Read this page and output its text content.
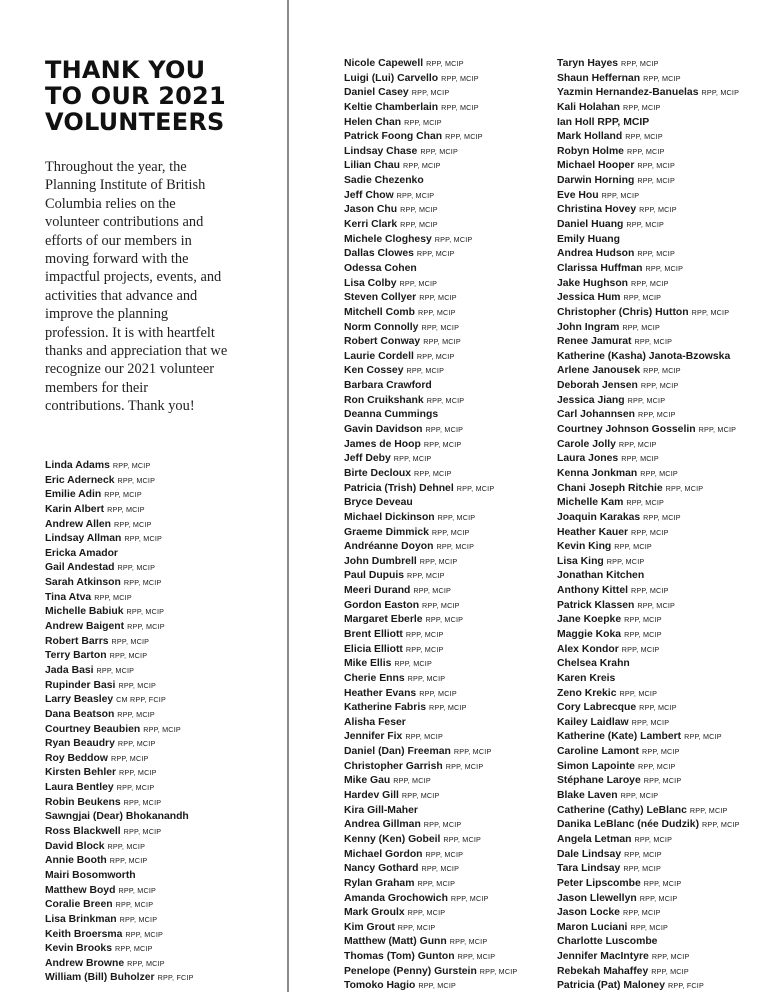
THANK YOU
TO OUR 2021
VOLUNTEERS

Throughout the year, the Planning Institute of British Columbia relies on the volunteer contributions and efforts of our members in moving forward with the impactful projects, events, and activities that advance and improve the planning profession. It is with heartfelt thanks and appreciation that we recognize our 2021 volunteer members for their contributions. Thank you!

Linda Adams RPP, MCIP
Eric Aderneck RPP, MCIP
Emilie Adin RPP, MCIP
Karin Albert RPP, MCIP
Andrew Allen RPP, MCIP
Lindsay Allman RPP, MCIP
Ericka Amador
Gail Andestad RPP, MCIP
Sarah Atkinson RPP, MCIP
Tina Atva RPP, MCIP
Michelle Babiuk RPP, MCIP
Andrew Baigent RPP, MCIP
Robert Barrs RPP, MCIP
Terry Barton RPP, MCIP
Jada Basi RPP, MCIP
Rupinder Basi RPP, MCIP
Larry Beasley CM RPP, FCIP
Dana Beatson RPP, MCIP
Courtney Beaubien RPP, MCIP
Ryan Beaudry RPP, MCIP
Roy Beddow RPP, MCIP
Kirsten Behler RPP, MCIP
Laura Bentley RPP, MCIP
Robin Beukens RPP, MCIP
Sawngjai (Dear) Bhokanandh
Ross Blackwell RPP, MCIP
David Block RPP, MCIP
Annie Booth RPP, MCIP
Mairi Bosomworth
Matthew Boyd RPP, MCIP
Coralie Breen RPP, MCIP
Lisa Brinkman RPP, MCIP
Keith Broersma RPP, MCIP
Kevin Brooks RPP, MCIP
Andrew Browne RPP, MCIP
William (Bill) Buholzer RPP, FCIP
Nicole Capewell RPP, MCIP
Luigi (Lui) Carvello RPP, MCIP
Daniel Casey RPP, MCIP
Keltie Chamberlain RPP, MCIP
Helen Chan RPP, MCIP
Patrick Foong Chan RPP, MCIP
Lindsay Chase RPP, MCIP
Lilian Chau RPP, MCIP
Sadie Chezenko
Jeff Chow RPP, MCIP
Jason Chu RPP, MCIP
Kerri Clark RPP, MCIP
Michele Cloghesy RPP, MCIP
Dallas Clowes RPP, MCIP
Odessa Cohen
Lisa Colby RPP, MCIP
Steven Collyer RPP, MCIP
Mitchell Comb RPP, MCIP
Norm Connolly RPP, MCIP
Robert Conway RPP, MCIP
Laurie Cordell RPP, MCIP
Ken Cossey RPP, MCIP
Barbara Crawford
Ron Cruikshank RPP, MCIP
Deanna Cummings
Gavin Davidson RPP, MCIP
James de Hoop RPP, MCIP
Jeff Deby RPP, MCIP
Birte Decloux RPP, MCIP
Patricia (Trish) Dehnel RPP, MCIP
Bryce Deveau
Michael Dickinson RPP, MCIP
Graeme Dimmick RPP, MCIP
Andréanne Doyon RPP, MCIP
John Dumbrell RPP, MCIP
Paul Dupuis RPP, MCIP
Meeri Durand RPP, MCIP
Gordon Easton RPP, MCIP
Margaret Eberle RPP, MCIP
Brent Elliott RPP, MCIP
Elicia Elliott RPP, MCIP
Mike Ellis RPP, MCIP
Cherie Enns RPP, MCIP
Heather Evans RPP, MCIP
Katherine Fabris RPP, MCIP
Alisha Feser
Jennifer Fix RPP, MCIP
Daniel (Dan) Freeman RPP, MCIP
Christopher Garrish RPP, MCIP
Mike Gau RPP, MCIP
Hardev Gill RPP, MCIP
Kira Gill-Maher
Andrea Gillman RPP, MCIP
Kenny (Ken) Gobeil RPP, MCIP
Michael Gordon RPP, MCIP
Nancy Gothard RPP, MCIP
Rylan Graham RPP, MCIP
Amanda Grochowich RPP, MCIP
Mark Groulx RPP, MCIP
Kim Grout RPP, MCIP
Matthew (Matt) Gunn RPP, MCIP
Thomas (Tom) Gunton RPP, MCIP
Penelope (Penny) Gurstein RPP, MCIP
Tomoko Hagio RPP, MCIP
Taryn Hayes RPP, MCIP
Shaun Heffernan RPP, MCIP
Yazmin Hernandez-Banuelas RPP, MCIP
Kali Holahan RPP, MCIP
Ian Holl RPP, MCIP
Mark Holland RPP, MCIP
Robyn Holme RPP, MCIP
Michael Hooper RPP, MCIP
Darwin Horning RPP, MCIP
Eve Hou RPP, MCIP
Christina Hovey RPP, MCIP
Daniel Huang RPP, MCIP
Emily Huang
Andrea Hudson RPP, MCIP
Clarissa Huffman RPP, MCIP
Jake Hughson RPP, MCIP
Jessica Hum RPP, MCIP
Christopher (Chris) Hutton RPP, MCIP
John Ingram RPP, MCIP
Renee Jamurat RPP, MCIP
Katherine (Kasha) Janota-Bzowska
Arlene Janousek RPP, MCIP
Deborah Jensen RPP, MCIP
Jessica Jiang RPP, MCIP
Carl Johannsen RPP, MCIP
Courtney Johnson Gosselin RPP, MCIP
Carole Jolly RPP, MCIP
Laura Jones RPP, MCIP
Kenna Jonkman RPP, MCIP
Chani Joseph Ritchie RPP, MCIP
Michelle Kam RPP, MCIP
Joaquin Karakas RPP, MCIP
Heather Kauer RPP, MCIP
Kevin King RPP, MCIP
Lisa King RPP, MCIP
Jonathan Kitchen
Anthony Kittel RPP, MCIP
Patrick Klassen RPP, MCIP
Jane Koepke RPP, MCIP
Maggie Koka RPP, MCIP
Alex Kondor RPP, MCIP
Chelsea Krahn
Karen Kreis
Zeno Krekic RPP, MCIP
Cory Labrecque RPP, MCIP
Kailey Laidlaw RPP, MCIP
Katherine (Kate) Lambert RPP, MCIP
Caroline Lamont RPP, MCIP
Simon Lapointe RPP, MCIP
Stéphane Laroye RPP, MCIP
Blake Laven RPP, MCIP
Catherine (Cathy) LeBlanc RPP, MCIP
Danika LeBlanc (née Dudzik) RPP, MCIP
Angela Letman RPP, MCIP
Dale Lindsay RPP, MCIP
Tara Lindsay RPP, MCIP
Peter Lipscombe RPP, MCIP
Jason Llewellyn RPP, MCIP
Jason Locke RPP, MCIP
Maron Luciani RPP, MCIP
Charlotte Luscombe
Jennifer MacIntyre RPP, MCIP
Rebekah Mahaffey RPP, MCIP
Patricia (Pat) Maloney RPP, FCIP
